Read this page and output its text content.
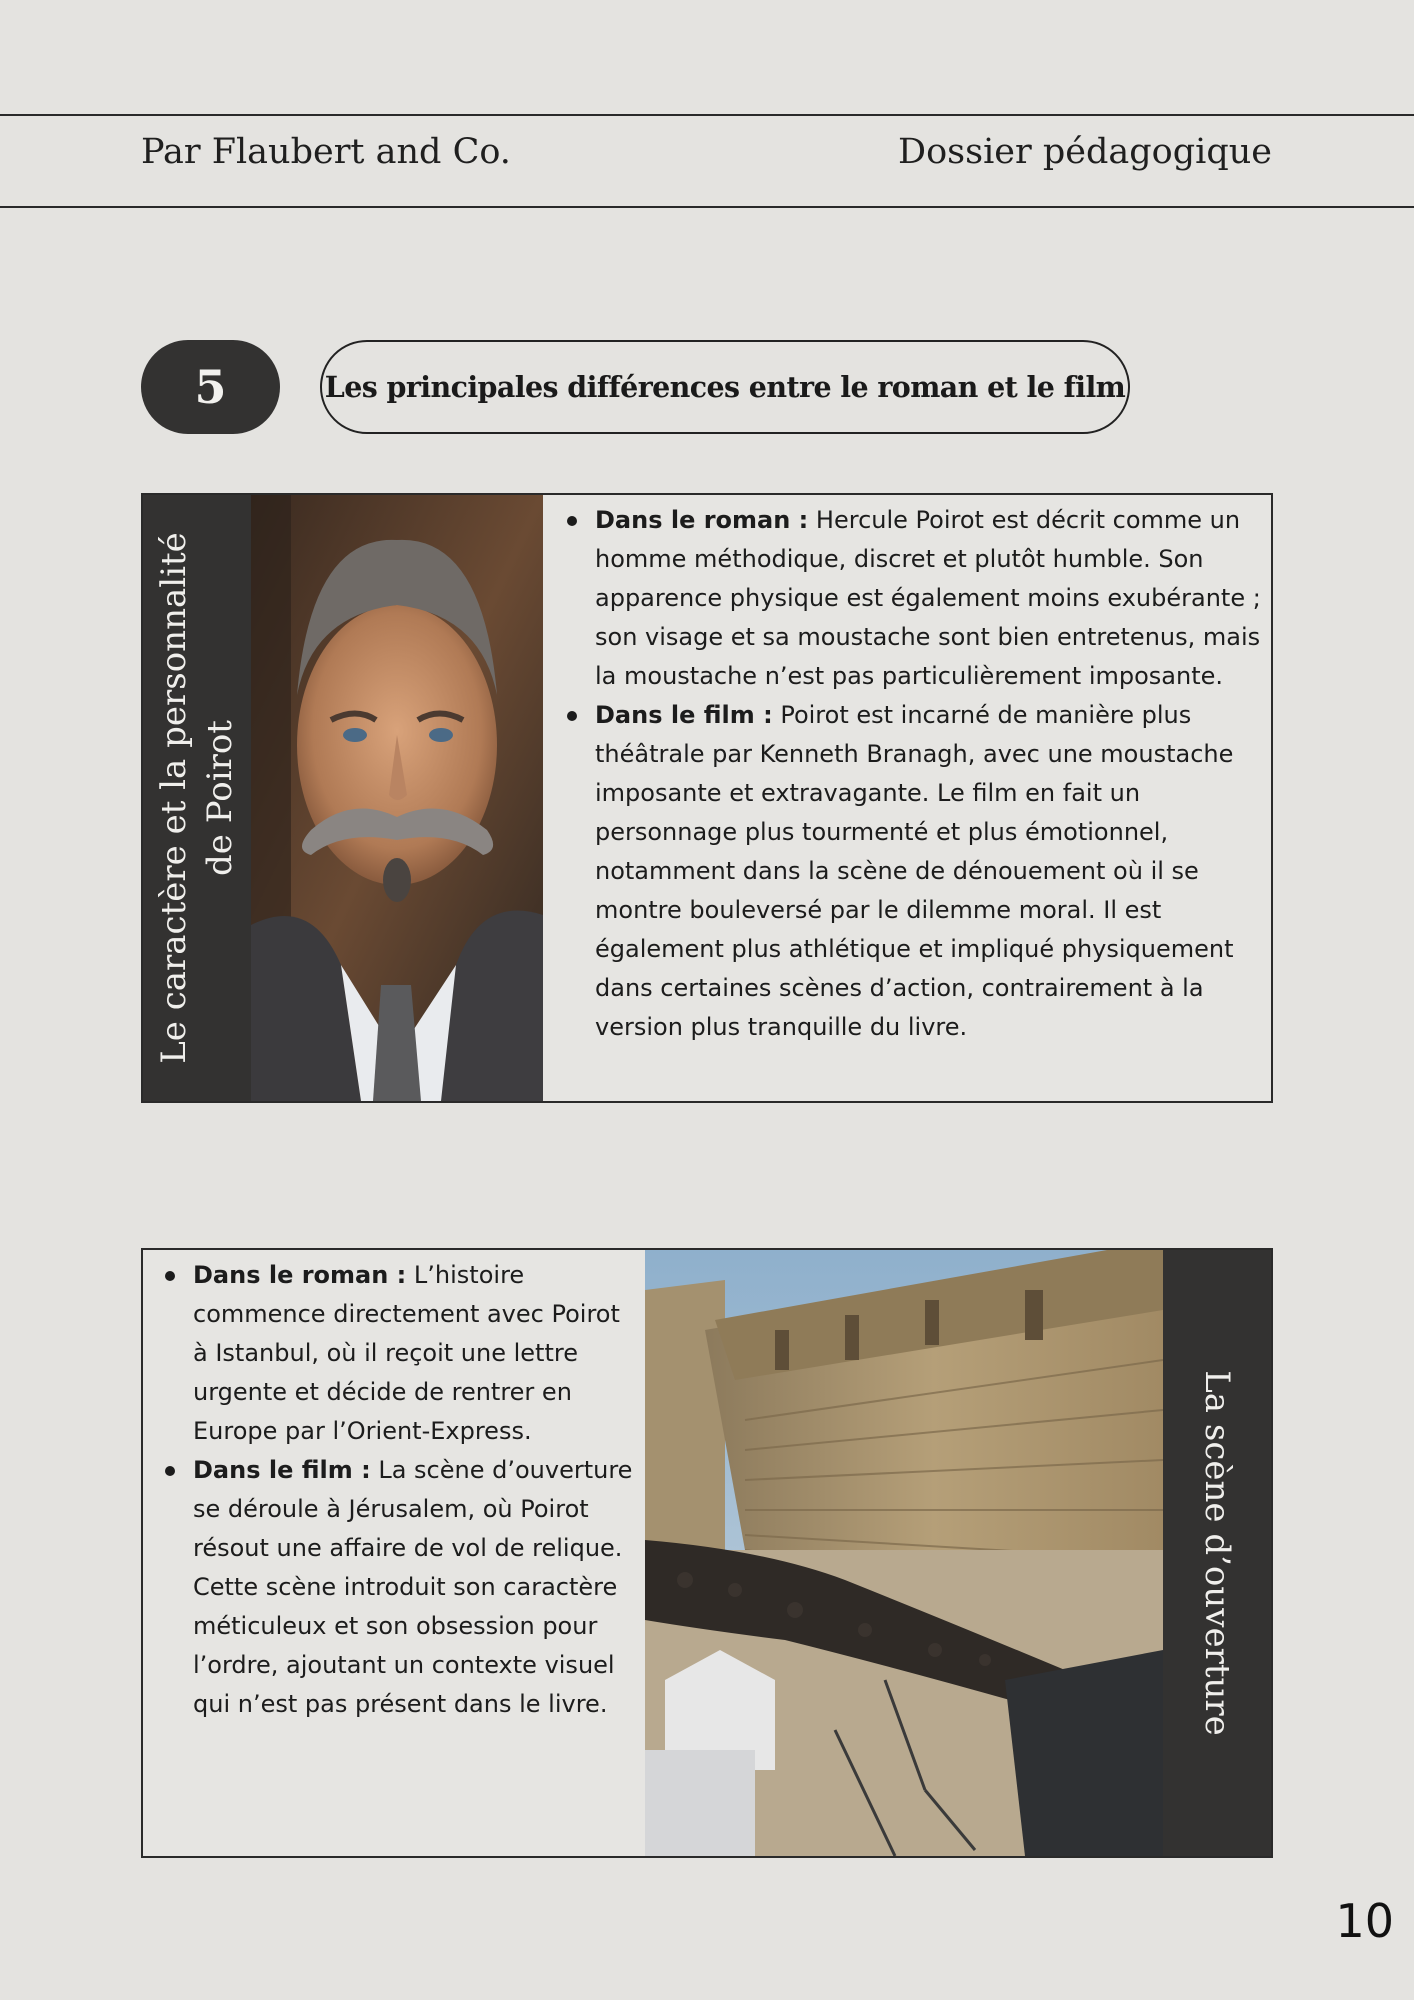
Par Flaubert and Co.	Dossier pédagogique
5	Les principales différences entre le roman et le film
Le caractère et la personnalité de Poirot
Dans le roman : Hercule Poirot est décrit comme un homme méthodique, discret et plutôt humble. Son apparence physique est également moins exubérante ; son visage et sa moustache sont bien entretenus, mais la moustache n’est pas particulièrement imposante.
Dans le film : Poirot est incarné de manière plus théâtrale par Kenneth Branagh, avec une moustache imposante et extravagante. Le film en fait un personnage plus tourmenté et plus émotionnel, notamment dans la scène de dénouement où il se montre bouleversé par le dilemme moral. Il est également plus athlétique et impliqué physiquement dans certaines scènes d’action, contrairement à la version plus tranquille du livre.
Dans le roman : L’histoire commence directement avec Poirot à Istanbul, où il reçoit une lettre urgente et décide de rentrer en Europe par l’Orient-Express.
Dans le film : La scène d’ouverture se déroule à Jérusalem, où Poirot résout une affaire de vol de relique. Cette scène introduit son caractère méticuleux et son obsession pour l’ordre, ajoutant un contexte visuel qui n’est pas présent dans le livre.	La scène d’ouverture
10
